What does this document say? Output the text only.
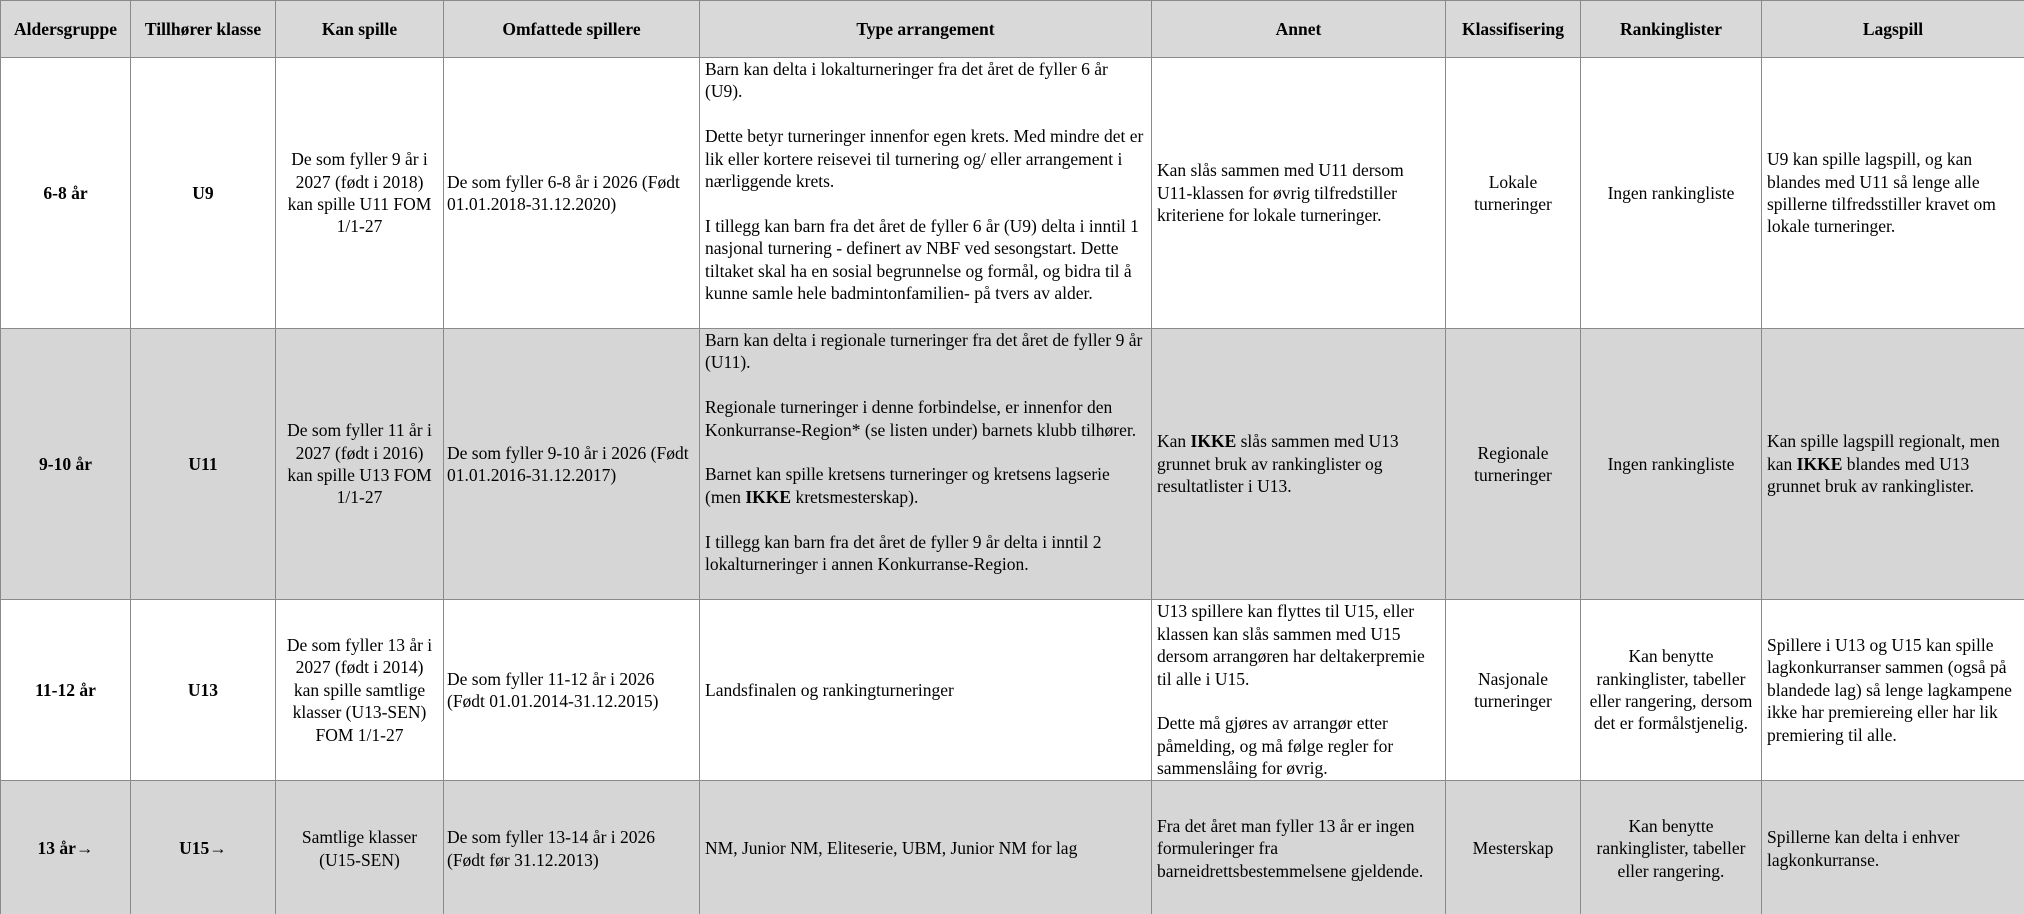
Aldersgruppe	Tillhører klasse	Kan spille	Omfattede spillere	Type arrangement	Annet	Klassifisering	Rankinglister	Lagspill
6-8 år	U9	De som fyller 9 år i 2027 (født i 2018) kan spille U11 FOM 1/1-27	De som fyller 6-8 år i 2026 (Født 01.01.2018-31.12.2020)	Barn kan delta i lokalturneringer fra det året de fyller 6 år (U9).
Dette betyr turneringer innenfor egen krets. Med mindre det er lik eller kortere reisevei til turnering og/ eller arrangement i nærliggende krets.
I tillegg kan barn fra det året de fyller 6 år (U9) delta i inntil 1 nasjonal turnering - definert av NBF ved sesongstart. Dette tiltaket skal ha en sosial begrunnelse og formål, og bidra til å kunne samle hele badmintonfamilien- på tvers av alder.	Kan slås sammen med U11 dersom U11-klassen for øvrig tilfredstiller kriteriene for lokale turneringer.	Lokale turneringer	Ingen rankingliste	U9 kan spille lagspill, og kan blandes med U11 så lenge alle spillerne tilfredsstiller kravet om lokale turneringer.
9-10 år	U11	De som fyller 11 år i 2027 (født i 2016) kan spille U13 FOM 1/1-27	De som fyller 9-10 år i 2026 (Født 01.01.2016-31.12.2017)	Barn kan delta i regionale turneringer fra det året de fyller 9 år (U11).
Regionale turneringer i denne forbindelse, er innenfor den Konkurranse-Region* (se listen under) barnets klubb tilhører.
Barnet kan spille kretsens turneringer og kretsens lagserie (men IKKE kretsmesterskap).
I tillegg kan barn fra det året de fyller 9 år delta i inntil 2 lokalturneringer i annen Konkurranse-Region.	Kan IKKE slås sammen med U13 grunnet bruk av rankinglister og resultatlister i U13.	Regionale turneringer	Ingen rankingliste	Kan spille lagspill regionalt, men kan IKKE blandes med U13 grunnet bruk av rankinglister.
11-12 år	U13	De som fyller 13 år i 2027 (født i 2014) kan spille samtlige klasser (U13-SEN) FOM 1/1-27	De som fyller 11-12 år i 2026 (Født 01.01.2014-31.12.2015)	Landsfinalen og rankingturneringer	U13 spillere kan flyttes til U15, eller klassen kan slås sammen med U15 dersom arrangøren har deltakerpremie til alle i U15.
Dette må gjøres av arrangør etter påmelding, og må følge regler for sammenslåing for øvrig.	Nasjonale turneringer	Kan benytte rankinglister, tabeller eller rangering, dersom det er formålstjenelig.	Spillere i U13 og U15 kan spille lagkonkurranser sammen (også på blandede lag) så lenge lagkampene ikke har premiereing eller har lik premiering til alle.
13 år→	U15→	Samtlige klasser (U15-SEN)	De som fyller 13-14 år i 2026 (Født før 31.12.2013)	NM, Junior NM, Eliteserie, UBM, Junior NM for lag	Fra det året man fyller 13 år er ingen formuleringer fra barneidrettsbestemmelsene gjeldende.	Mesterskap	Kan benytte rankinglister, tabeller eller rangering.	Spillerne kan delta i enhver lagkonkurranse.
